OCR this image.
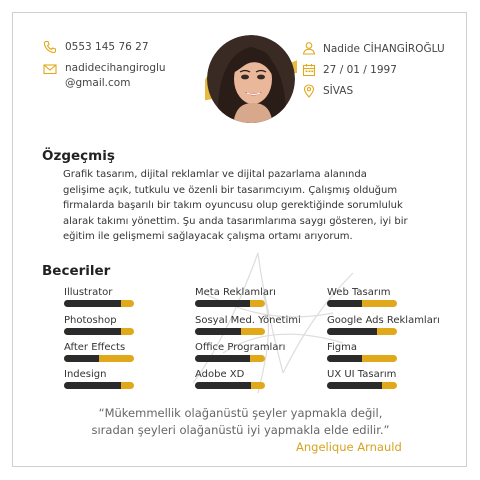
0553 145 76 27
nadidecihangiroglu
@gmail.com
Nadide CİHANGİROĞLU
27 / 01 / 1997
SİVAS
Özgeçmiş
Grafik tasarım, dijital reklamlar ve dijital pazarlama alanında
gelişime açık, tutkulu ve özenli bir tasarımcıyım. Çalışmış olduğum
firmalarda başarılı bir takım oyuncusu olup gerektiğinde sorumluluk
alarak takımı yönettim. Şu anda tasarımlarıma saygı gösteren, iyi bir
eğitim ile gelişmemi sağlayacak çalışma ortamı arıyorum.
Beceriler
Illustrator
Photoshop
After Effects
Indesign
Meta Reklamları
Sosyal Med. Yönetimi
Office Programları
Adobe XD
Web Tasarım
Google Ads Reklamları
Figma
UX UI Tasarım
“Mükemmellik olağanüstü şeyler yapmakla değil,
sıradan şeyleri olağanüstü iyi yapmakla elde edilir.”
Angelique Arnauld
